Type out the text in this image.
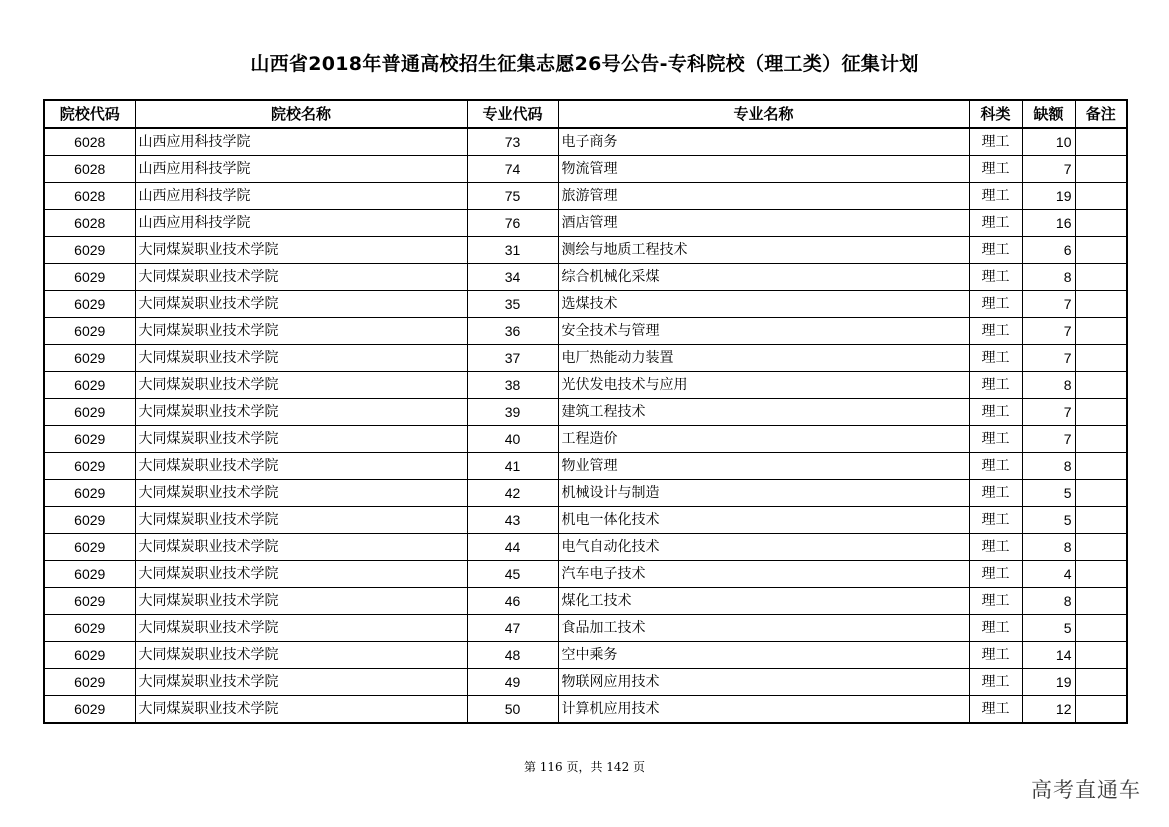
山西省2018年普通高校招生征集志愿26号公告-专科院校（理工类）征集计划
院校代码	院校名称	专业代码	专业名称	科类	缺额	备注
6028	山西应用科技学院	73	电子商务	理工	10	
6028	山西应用科技学院	74	物流管理	理工	7	
6028	山西应用科技学院	75	旅游管理	理工	19	
6028	山西应用科技学院	76	酒店管理	理工	16	
6029	大同煤炭职业技术学院	31	测绘与地质工程技术	理工	6	
6029	大同煤炭职业技术学院	34	综合机械化采煤	理工	8	
6029	大同煤炭职业技术学院	35	选煤技术	理工	7	
6029	大同煤炭职业技术学院	36	安全技术与管理	理工	7	
6029	大同煤炭职业技术学院	37	电厂热能动力装置	理工	7	
6029	大同煤炭职业技术学院	38	光伏发电技术与应用	理工	8	
6029	大同煤炭职业技术学院	39	建筑工程技术	理工	7	
6029	大同煤炭职业技术学院	40	工程造价	理工	7	
6029	大同煤炭职业技术学院	41	物业管理	理工	8	
6029	大同煤炭职业技术学院	42	机械设计与制造	理工	5	
6029	大同煤炭职业技术学院	43	机电一体化技术	理工	5	
6029	大同煤炭职业技术学院	44	电气自动化技术	理工	8	
6029	大同煤炭职业技术学院	45	汽车电子技术	理工	4	
6029	大同煤炭职业技术学院	46	煤化工技术	理工	8	
6029	大同煤炭职业技术学院	47	食品加工技术	理工	5	
6029	大同煤炭职业技术学院	48	空中乘务	理工	14	
6029	大同煤炭职业技术学院	49	物联网应用技术	理工	19	
6029	大同煤炭职业技术学院	50	计算机应用技术	理工	12	
第 116 页，共 142 页
高考直通车
